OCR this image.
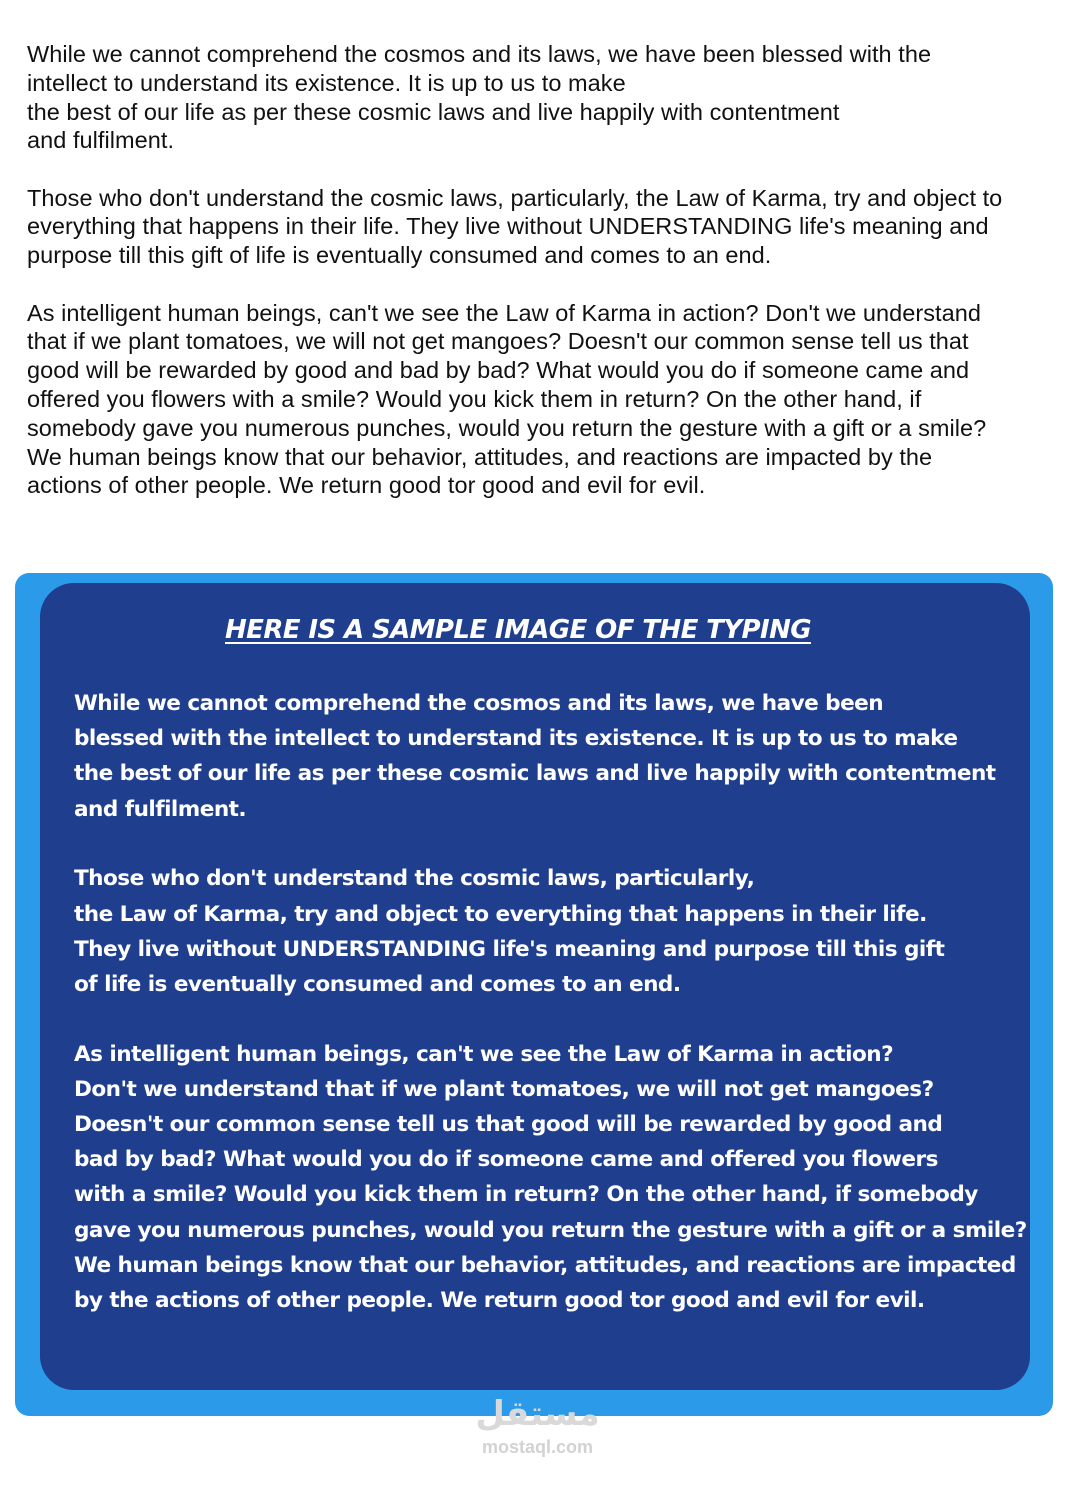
While we cannot comprehend the cosmos and its laws, we have been blessed with the
intellect to understand its existence. It is up to us to make
the best of our life as per these cosmic laws and live happily with contentment
and fulfilment.

Those who don't understand the cosmic laws, particularly, the Law of Karma, try and object to
everything that happens in their life. They live without UNDERSTANDING life's meaning and
purpose till this gift of life is eventually consumed and comes to an end.

As intelligent human beings, can't we see the Law of Karma in action? Don't we understand
that if we plant tomatoes, we will not get mangoes? Doesn't our common sense tell us that
good will be rewarded by good and bad by bad? What would you do if someone came and
offered you flowers with a smile? Would you kick them in return? On the other hand, if
somebody gave you numerous punches, would you return the gesture with a gift or a smile?
We human beings know that our behavior, attitudes, and reactions are impacted by the
actions of other people. We return good tor good and evil for evil.

HERE IS A SAMPLE IMAGE OF THE TYPING

While we cannot comprehend the cosmos and its laws, we have been
blessed with the intellect to understand its existence. It is up to us to make
the best of our life as per these cosmic laws and live happily with contentment
and fulfilment.

Those who don't understand the cosmic laws, particularly,
the Law of Karma, try and object to everything that happens in their life.
They live without UNDERSTANDING life's meaning and purpose till this gift
of life is eventually consumed and comes to an end.

As intelligent human beings, can't we see the Law of Karma in action?
Don't we understand that if we plant tomatoes, we will not get mangoes?
Doesn't our common sense tell us that good will be rewarded by good and
bad by bad? What would you do if someone came and offered you flowers
with a smile? Would you kick them in return? On the other hand, if somebody
gave you numerous punches, would you return the gesture with a gift or a smile?
We human beings know that our behavior, attitudes, and reactions are impacted
by the actions of other people. We return good tor good and evil for evil.

مستقل
mostaql.com
